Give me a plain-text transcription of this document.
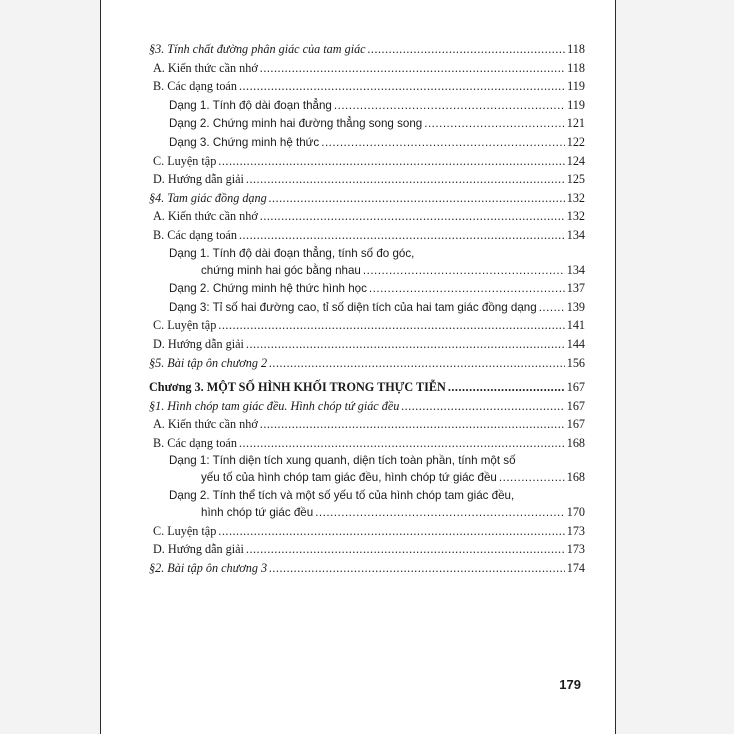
§3. Tính chất đường phân giác của tam giác .....	118
A. Kiến thức cần nhớ .....	118
B. Các dạng toán .....	119
Dạng 1. Tính độ dài đoạn thẳng .....	119
Dạng 2. Chứng minh hai đường thẳng song song .....	121
Dạng 3. Chứng minh hệ thức .....	122
C. Luyện tập .....	124
D. Hướng dẫn giải .....	125
§4. Tam giác đồng dạng .....	132
A. Kiến thức cần nhớ .....	132
B. Các dạng toán .....	134
Dạng 1. Tính độ dài đoạn thẳng, tính số đo góc,
chứng minh hai góc bằng nhau .....	134
Dạng 2. Chứng minh hệ thức hình học .....	137
Dạng 3: Tỉ số hai đường cao, tỉ số diện tích của hai tam giác đồng dạng ..... 139
C. Luyện tập .....	141
D. Hướng dẫn giải .....	144
§5. Bài tập ôn chương 2 .....	156
Chương 3. MỘT SỐ HÌNH KHỐI TRONG THỰC TIỄN .....	167
§1. Hình chóp tam giác đều. Hình chóp tứ giác đều .....	167
A. Kiến thức cần nhớ .....	167
B. Các dạng toán .....	168
Dạng 1: Tính diện tích xung quanh, diện tích toàn phần, tính một số
yếu tố của hình chóp tam giác đều, hình chóp tứ giác đều .....	168
Dạng 2. Tính thể tích và một số yếu tố của hình chóp tam giác đều,
hình chóp tứ giác đều .....	170
C. Luyện tập .....	173
D. Hướng dẫn giải .....	173
§2. Bài tập ôn chương 3 .....	174
179
